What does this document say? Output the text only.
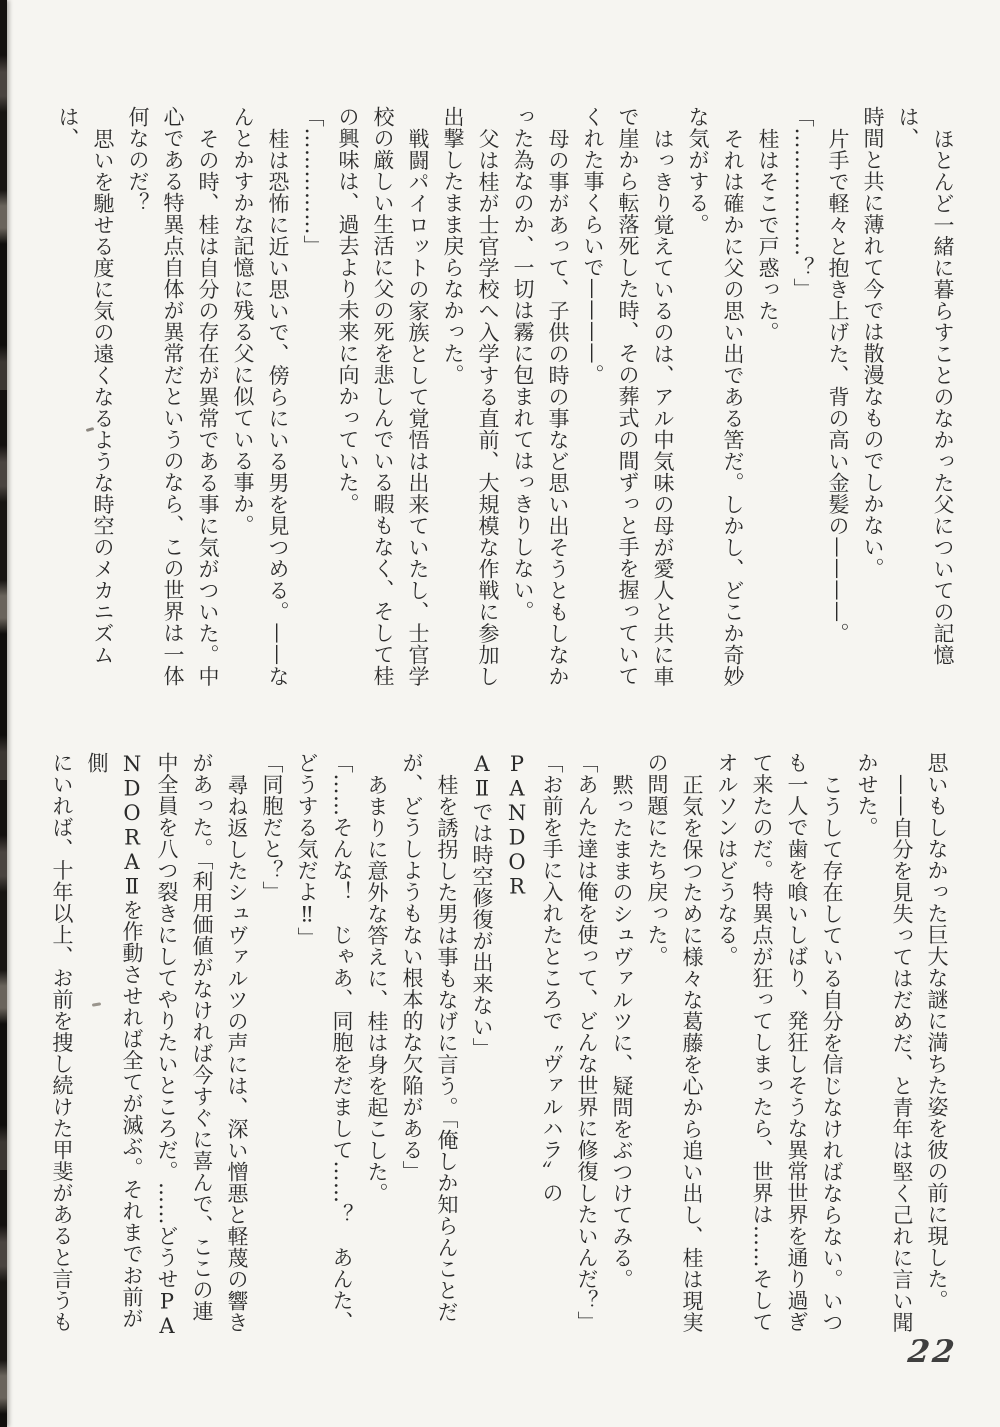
ほとんど一緒に暮らすことのなかった父についての記憶は、

時間と共に薄れて今では散漫なものでしかない。

片手で軽々と抱き上げた、背の高い金髪の————。

「………………？」

桂はそこで戸惑った。

それは確かに父の思い出である筈だ。しかし、どこか奇妙

な気がする。

はっきり覚えているのは、アル中気味の母が愛人と共に車

で崖から転落死した時、その葬式の間ずっと手を握っていて

くれた事くらいで————。

母の事があって、子供の時の事など思い出そうともしなか

った為なのか、一切は霧に包まれてはっきりしない。

父は桂が士官学校へ入学する直前、大規模な作戦に参加し

出撃したまま戻らなかった。

戦闘パイロットの家族として覚悟は出来ていたし、士官学

校の厳しい生活に父の死を悲しんでいる暇もなく、そして桂

の興味は、過去より未来に向かっていた。

「……………」

桂は恐怖に近い思いで、傍らにいる男を見つめる。——な

んとかすかな記憶に残る父に似ている事か。

その時、桂は自分の存在が異常である事に気がついた。中

心である特異点自体が異常だというのなら、この世界は一体

何なのだ？

思いを馳せる度に気の遠くなるような時空のメカニズムは、

思いもしなかった巨大な謎に満ちた姿を彼の前に現した。

——自分を見失ってはだめだ、と青年は堅く己れに言い聞

かせた。

こうして存在している自分を信じなければならない。いつ

も一人で歯を喰いしばり、発狂しそうな異常世界を通り過ぎ

て来たのだ。特異点が狂ってしまったら、世界は……そして

オルソンはどうなる。

正気を保つために様々な葛藤を心から追い出し、桂は現実

の問題にたち戻った。

黙ったままのシュヴァルツに、疑問をぶつけてみる。

「あんた達は俺を使って、どんな世界に修復したいんだ？」

「お前を手に入れたところで〝ヴァルハラ〟のPANDOR

AⅡでは時空修復が出来ない」

桂を誘拐した男は事もなげに言う。「俺しか知らんことだ

が、どうしようもない根本的な欠陥がある」

あまりに意外な答えに、桂は身を起こした。

「……そんな！　じゃあ、同胞をだまして……？　あんた、

どうする気だよ‼」

「同胞だと？」

尋ね返したシュヴァルツの声には、深い憎悪と軽蔑の響き

があった。「利用価値がなければ今すぐに喜んで、ここの連

中全員を八つ裂きにしてやりたいところだ。……どうせPA

NDORAⅡを作動させれば全てが滅ぶ。それまでお前が側

にいれば、十年以上、お前を捜し続けた甲斐があると言うも

22
